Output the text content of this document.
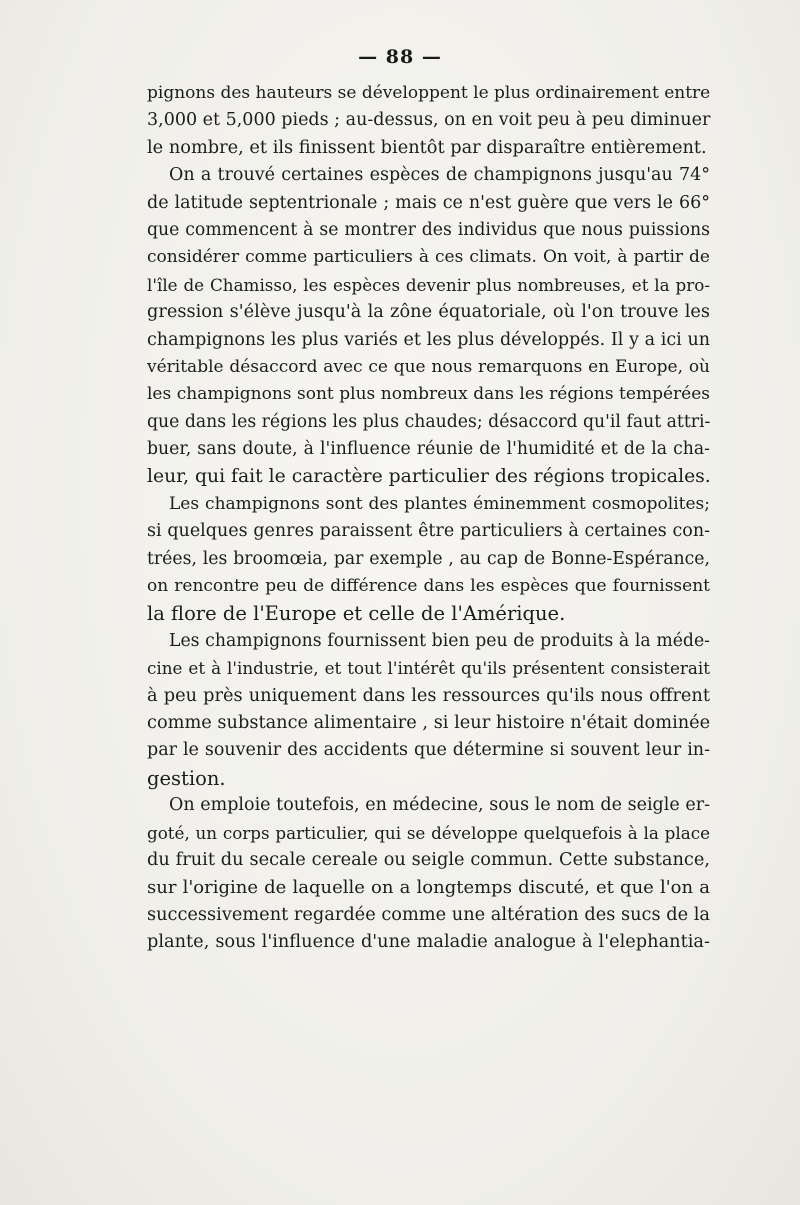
— 88 —
pignons des hauteurs se développent le plus ordinairement entre
3,000 et 5,000 pieds ; au-dessus, on en voit peu à peu diminuer
le nombre, et ils finissent bientôt par disparaître entièrement.
On a trouvé certaines espèces de champignons jusqu'au 74°
de latitude septentrionale ; mais ce n'est guère que vers le 66°
que commencent à se montrer des individus que nous puissions
considérer comme particuliers à ces climats. On voit, à partir de
l'île de Chamisso, les espèces devenir plus nombreuses, et la pro-
gression s'élève jusqu'à la zône équatoriale, où l'on trouve les
champignons les plus variés et les plus développés. Il y a ici un
véritable désaccord avec ce que nous remarquons en Europe, où
les champignons sont plus nombreux dans les régions tempérées
que dans les régions les plus chaudes; désaccord qu'il faut attri-
buer, sans doute, à l'influence réunie de l'humidité et de la cha-
leur, qui fait le caractère particulier des régions tropicales.
Les champignons sont des plantes éminemment cosmopolites;
si quelques genres paraissent être particuliers à certaines con-
trées, les broomœia, par exemple , au cap de Bonne-Espérance,
on rencontre peu de différence dans les espèces que fournissent
la flore de l'Europe et celle de l'Amérique.
Les champignons fournissent bien peu de produits à la méde-
cine et à l'industrie, et tout l'intérêt qu'ils présentent consisterait
à peu près uniquement dans les ressources qu'ils nous offrent
comme substance alimentaire , si leur histoire n'était dominée
par le souvenir des accidents que détermine si souvent leur in-
gestion.
On emploie toutefois, en médecine, sous le nom de seigle er-
goté, un corps particulier, qui se développe quelquefois à la place
du fruit du secale cereale ou seigle commun. Cette substance,
sur l'origine de laquelle on a longtemps discuté, et que l'on a
successivement regardée comme une altération des sucs de la
plante, sous l'influence d'une maladie analogue à l'elephantia-
